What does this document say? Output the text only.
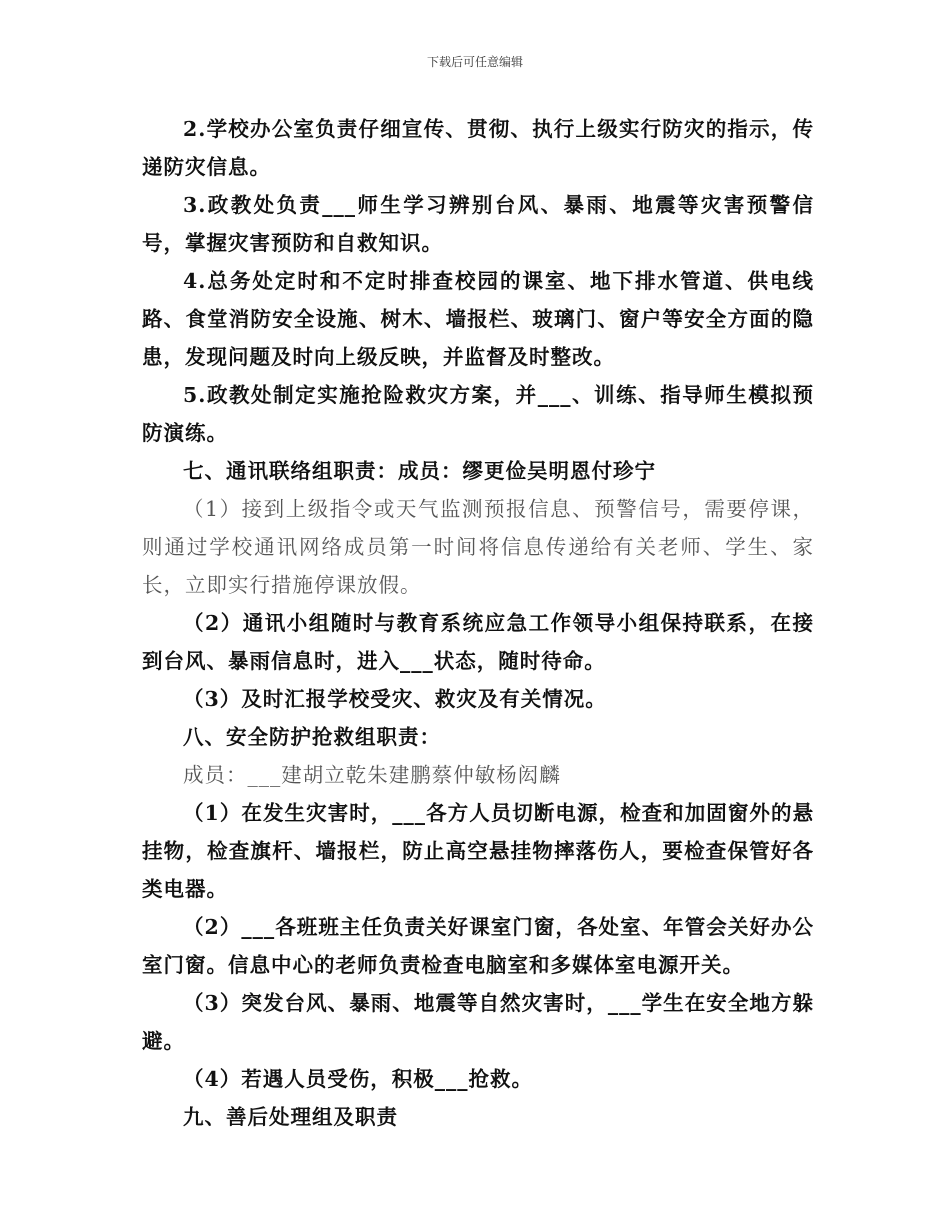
下载后可任意编辑

2.学校办公室负责仔细宣传、贯彻、执行上级实行防灾的指示，传递防灾信息。

3.政教处负责___师生学习辨别台风、暴雨、地震等灾害预警信号，掌握灾害预防和自救知识。

4.总务处定时和不定时排查校园的课室、地下排水管道、供电线路、食堂消防安全设施、树木、墙报栏、玻璃门、窗户等安全方面的隐患，发现问题及时向上级反映，并监督及时整改。

5.政教处制定实施抢险救灾方案，并___、训练、指导师生模拟预防演练。

七、通讯联络组职责：成员：缪更俭吴明恩付珍宁

（1）接到上级指令或天气监测预报信息、预警信号，需要停课，则通过学校通讯网络成员第一时间将信息传递给有关老师、学生、家长，立即实行措施停课放假。

（2）通讯小组随时与教育系统应急工作领导小组保持联系，在接到台风、暴雨信息时，进入___状态，随时待命。

（3）及时汇报学校受灾、救灾及有关情况。

八、安全防护抢救组职责：

成员：___建胡立乾朱建鹏蔡仲敏杨闳麟

（1）在发生灾害时，___各方人员切断电源，检查和加固窗外的悬挂物，检查旗杆、墙报栏，防止高空悬挂物摔落伤人，要检查保管好各类电器。

（2）___各班班主任负责关好课室门窗，各处室、年管会关好办公室门窗。信息中心的老师负责检查电脑室和多媒体室电源开关。

（3）突发台风、暴雨、地震等自然灾害时，___学生在安全地方躲避。

（4）若遇人员受伤，积极___抢救。

九、善后处理组及职责
